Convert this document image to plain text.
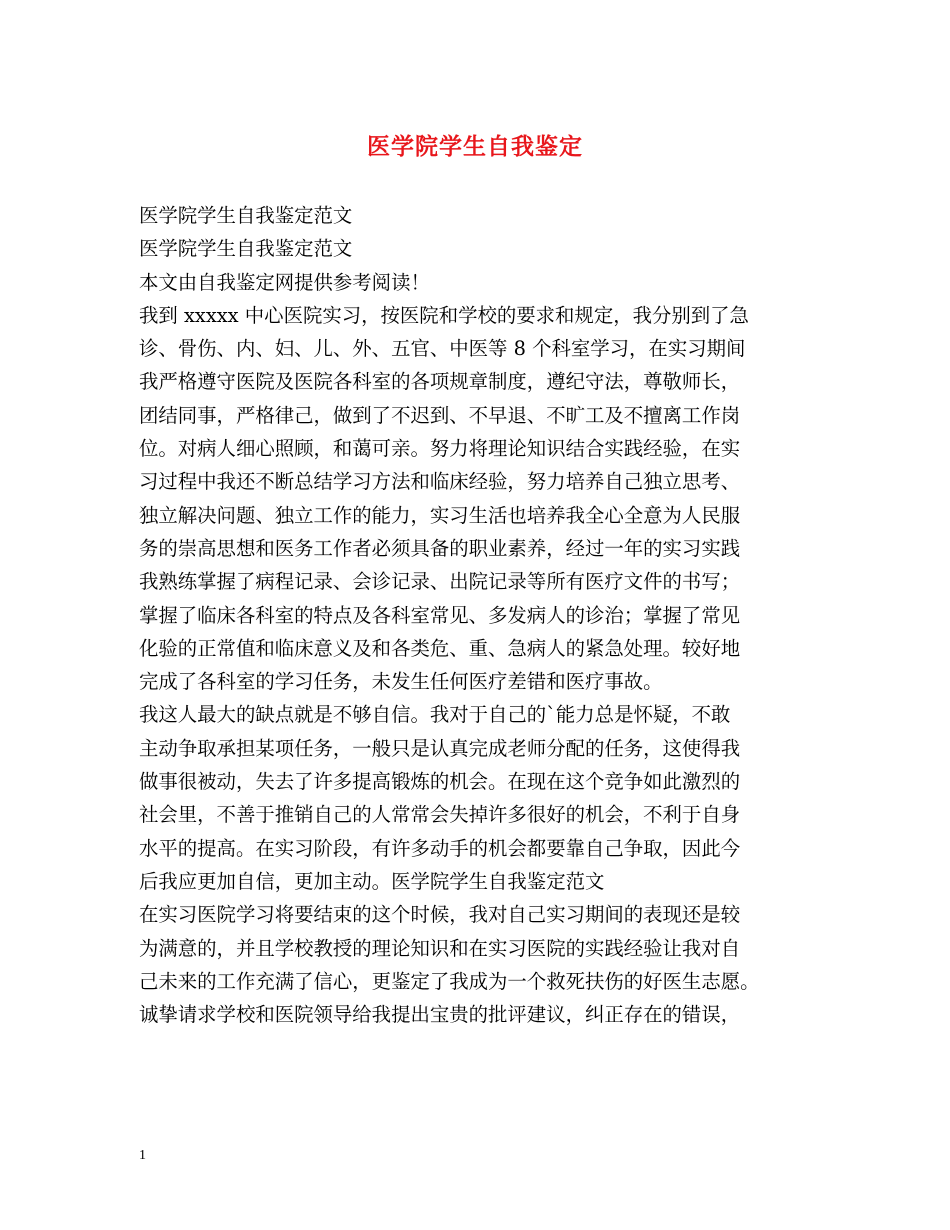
医学院学生自我鉴定
医学院学生自我鉴定范文
医学院学生自我鉴定范文
本文由自我鉴定网提供参考阅读！
我到 xxxxx 中心医院实习，按医院和学校的要求和规定，我分别到了急
诊、骨伤、内、妇、儿、外、五官、中医等 8 个科室学习，在实习期间
我严格遵守医院及医院各科室的各项规章制度，遵纪守法，尊敬师长，
团结同事，严格律己，做到了不迟到、不早退、不旷工及不擅离工作岗
位。对病人细心照顾，和蔼可亲。努力将理论知识结合实践经验，在实
习过程中我还不断总结学习方法和临床经验，努力培养自己独立思考、
独立解决问题、独立工作的能力，实习生活也培养我全心全意为人民服
务的崇高思想和医务工作者必须具备的职业素养，经过一年的实习实践
我熟练掌握了病程记录、会诊记录、出院记录等所有医疗文件的书写；
掌握了临床各科室的特点及各科室常见、多发病人的诊治；掌握了常见
化验的正常值和临床意义及和各类危、重、急病人的紧急处理。较好地
完成了各科室的学习任务，未发生任何医疗差错和医疗事故。
我这人最大的缺点就是不够自信。我对于自己的`能力总是怀疑，不敢
主动争取承担某项任务，一般只是认真完成老师分配的任务，这使得我
做事很被动，失去了许多提高锻炼的机会。在现在这个竞争如此激烈的
社会里，不善于推销自己的人常常会失掉许多很好的机会，不利于自身
水平的提高。在实习阶段，有许多动手的机会都要靠自己争取，因此今
后我应更加自信，更加主动。医学院学生自我鉴定范文
在实习医院学习将要结束的这个时候，我对自己实习期间的表现还是较
为满意的，并且学校教授的理论知识和在实习医院的实践经验让我对自
己未来的工作充满了信心，更鉴定了我成为一个救死扶伤的好医生志愿。
诚挚请求学校和医院领导给我提出宝贵的批评建议，纠正存在的错误，
1
